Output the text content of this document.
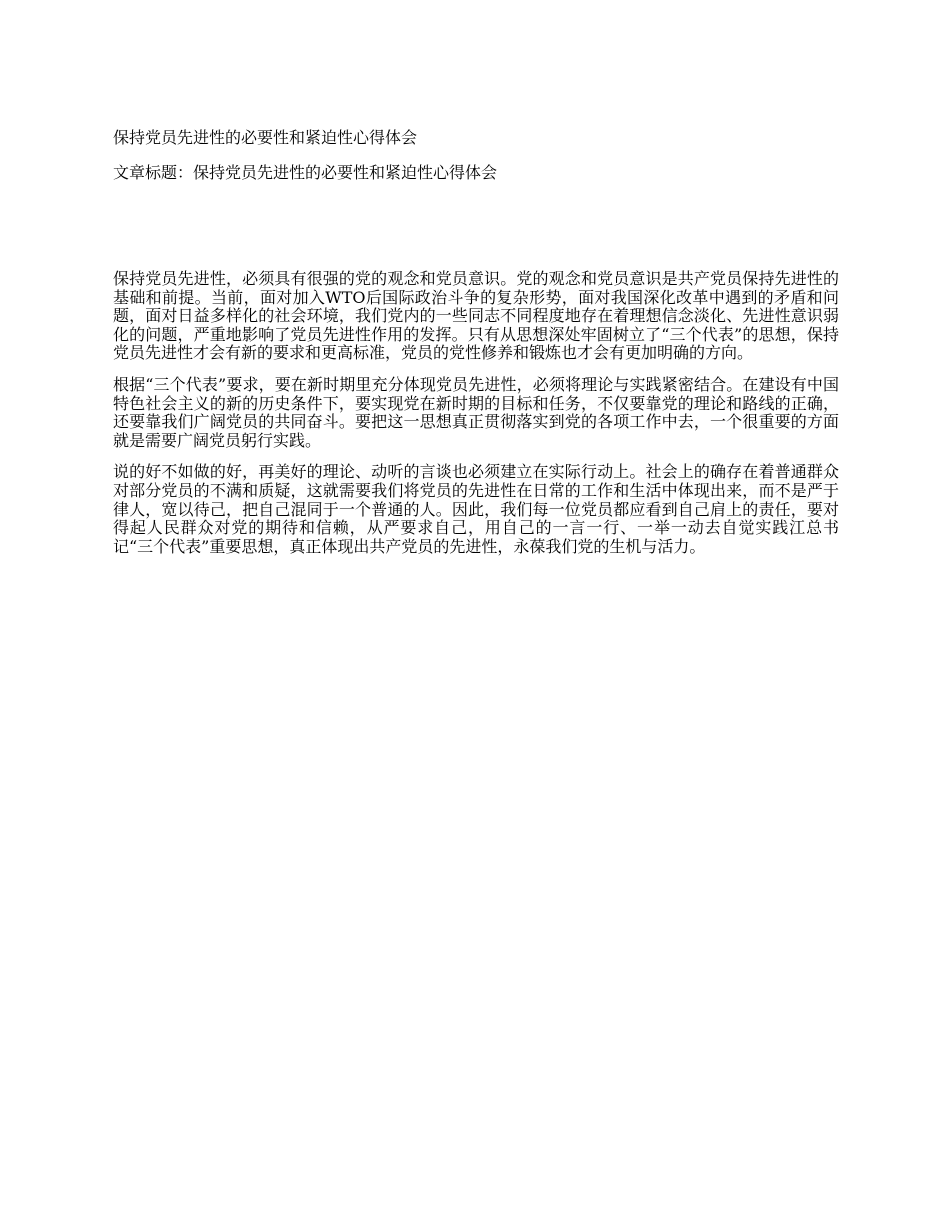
保持党员先进性的必要性和紧迫性心得体会

文章标题：保持党员先进性的必要性和紧迫性心得体会

保持党员先进性，必须具有很强的党的观念和党员意识。党的观念和党员意识是共产党员保持先进性的基础和前提。当前，面对加入WTO后国际政治斗争的复杂形势，面对我国深化改革中遇到的矛盾和问题，面对日益多样化的社会环境，我们党内的一些同志不同程度地存在着理想信念淡化、先进性意识弱化的问题，严重地影响了党员先进性作用的发挥。只有从思想深处牢固树立了“三个代表”的思想，保持党员先进性才会有新的要求和更高标准，党员的党性修养和锻炼也才会有更加明确的方向。

根据“三个代表”要求，要在新时期里充分体现党员先进性，必须将理论与实践紧密结合。在建设有中国特色社会主义的新的历史条件下，要实现党在新时期的目标和任务，不仅要靠党的理论和路线的正确，还要靠我们广阔党员的共同奋斗。要把这一思想真正贯彻落实到党的各项工作中去，一个很重要的方面就是需要广阔党员躬行实践。

说的好不如做的好，再美好的理论、动听的言谈也必须建立在实际行动上。社会上的确存在着普通群众对部分党员的不满和质疑，这就需要我们将党员的先进性在日常的工作和生活中体现出来，而不是严于律人，宽以待己，把自己混同于一个普通的人。因此，我们每一位党员都应看到自己肩上的责任，要对得起人民群众对党的期待和信赖，从严要求自己，用自己的一言一行、一举一动去自觉实践江总书记“三个代表”重要思想，真正体现出共产党员的先进性，永葆我们党的生机与活力。
